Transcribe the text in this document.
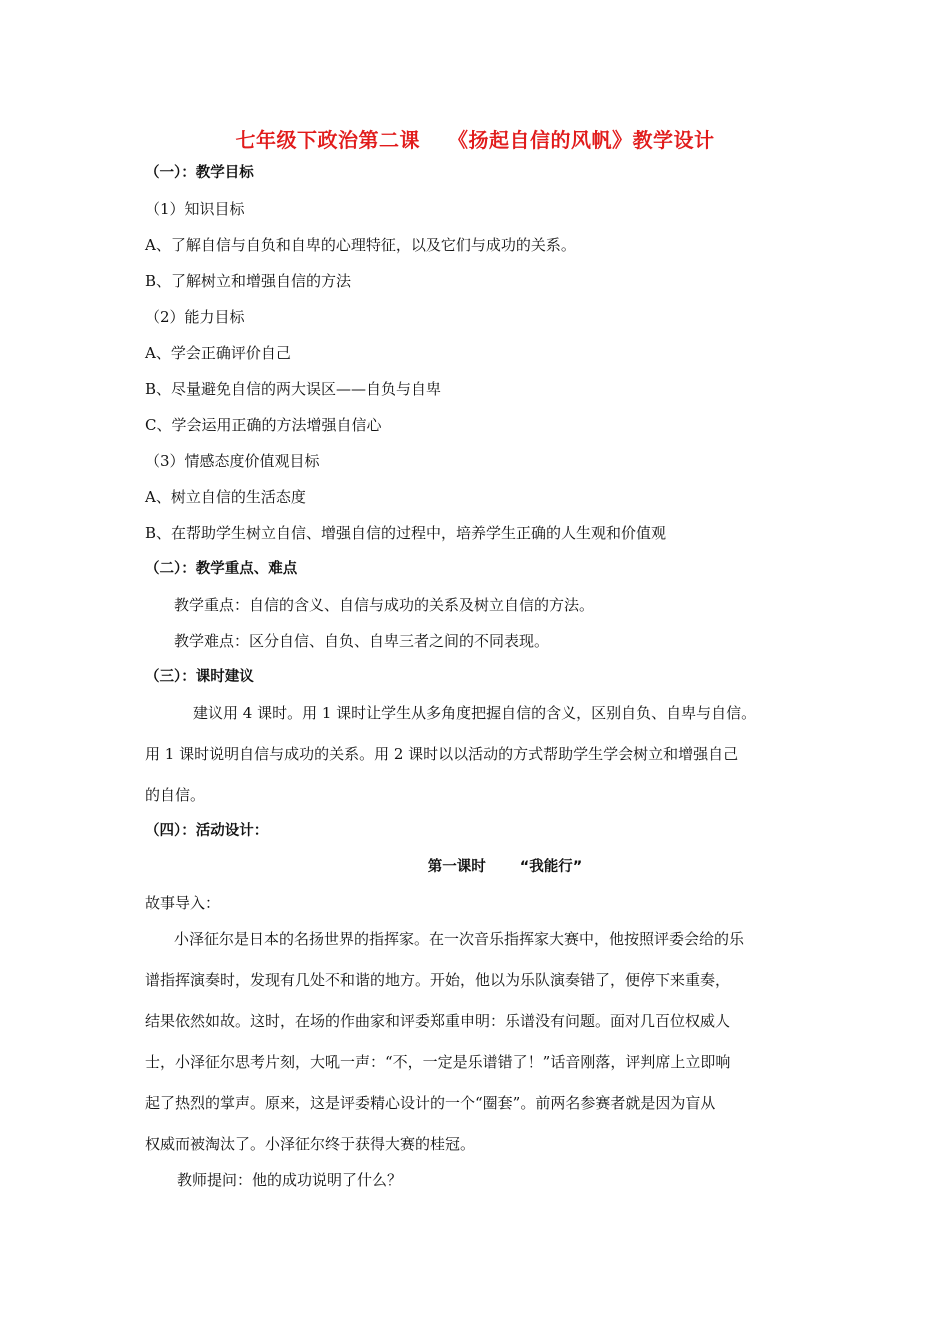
七年级下政治第二课 《扬起自信的风帆》教学设计
（一）：教学目标
（1）知识目标
A、了解自信与自负和自卑的心理特征，以及它们与成功的关系。
B、了解树立和增强自信的方法
（2）能力目标
A、学会正确评价自己
B、尽量避免自信的两大误区——自负与自卑
C、学会运用正确的方法增强自信心
（3）情感态度价值观目标
A、树立自信的生活态度
B、在帮助学生树立自信、增强自信的过程中，培养学生正确的人生观和价值观
（二）：教学重点、难点
教学重点：自信的含义、自信与成功的关系及树立自信的方法。
教学难点：区分自信、自负、自卑三者之间的不同表现。
（三）：课时建议
建议用 4 课时。用 1 课时让学生从多角度把握自信的含义，区别自负、自卑与自信。
用 1 课时说明自信与成功的关系。用 2 课时以以活动的方式帮助学生学会树立和增强自己
的自信。
（四）：活动设计：
第一课时 “我能行”
故事导入：
小泽征尔是日本的名扬世界的指挥家。在一次音乐指挥家大赛中，他按照评委会给的乐
谱指挥演奏时，发现有几处不和谐的地方。开始，他以为乐队演奏错了，便停下来重奏，
结果依然如故。这时，在场的作曲家和评委郑重申明：乐谱没有问题。面对几百位权威人
士，小泽征尔思考片刻，大吼一声：“不，一定是乐谱错了！”话音刚落，评判席上立即响
起了热烈的掌声。原来，这是评委精心设计的一个“圈套”。前两名参赛者就是因为盲从
权威而被淘汰了。小泽征尔终于获得大赛的桂冠。
教师提问：他的成功说明了什么？
